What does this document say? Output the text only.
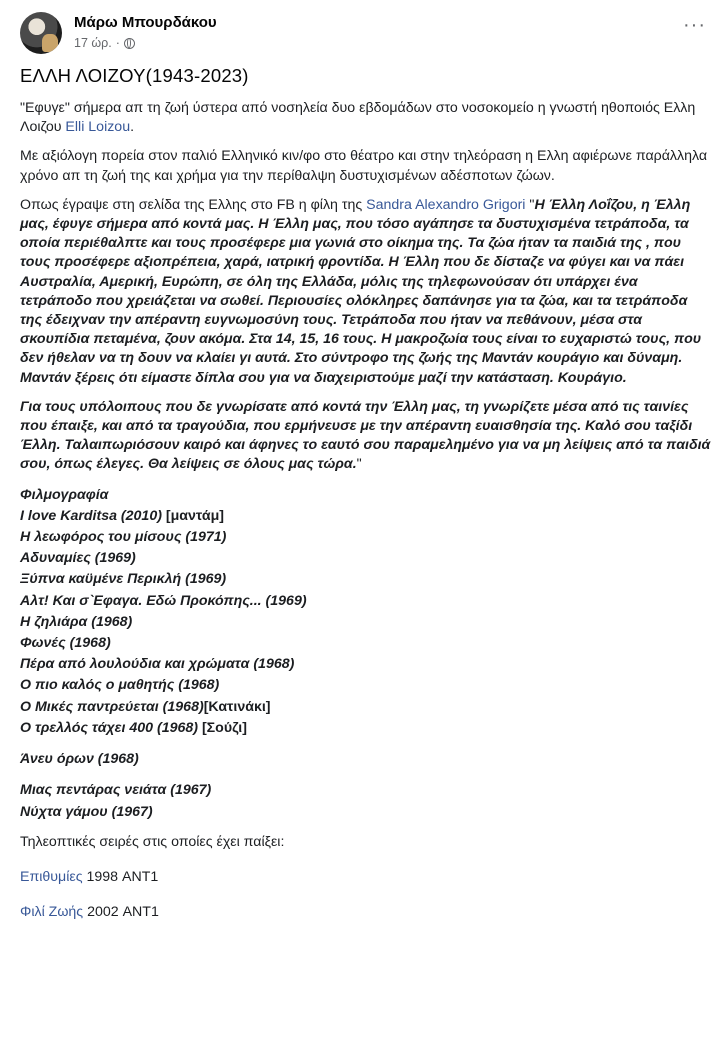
Μάρω Μπουρδάκου
17 ώρ. ·
···
ΕΛΛΗ ΛΟΙΖΟΥ(1943-2023)

"Εφυγε" σήμερα απ τη ζωή ύστερα από νοσηλεία δυο εβδομάδων στο νοσοκομείο η γνωστή ηθοποιός Ελλη Λοιζου Elli Loizou.

Με αξιόλογη πορεία στον παλιό Ελληνικό κιν/φο στο θέατρο και στην τηλεόραση η Ελλη αφιέρωνε παράλληλα χρόνο απ τη ζωή της και χρήμα για την περίθαλψη δυστυχισμένων αδέσποτων ζώων.

Οπως έγραψε στη σελίδα της Ελλης στο FB η φίλη της Sandra Alexandro Grigori "Η Έλλη Λοΐζου, η Έλλη μας, έφυγε σήμερα από κοντά μας. Η Έλλη μας, που τόσο αγάπησε τα δυστυχισμένα τετράποδα, τα οποία περιέθαλπτε και τους προσέφερε μια γωνιά στο οίκημα της. Τα ζώα ήταν τα παιδιά της , που τους προσέφερε αξιοπρέπεια, χαρά, ιατρική φροντίδα. Η Έλλη που δε δίσταζε να φύγει και να πάει Αυστραλία, Αμερική, Ευρώπη, σε όλη της Ελλάδα, μόλις της τηλεφωνούσαν ότι υπάρχει ένα τετράποδο που χρειάζεται να σωθεί. Περιουσίες ολόκληρες δαπάνησε για τα ζώα, και τα τετράποδα της έδειχναν την απέραντη ευγνωμοσύνη τους. Τετράποδα που ήταν να πεθάνουν, μέσα στα σκουπίδια πεταμένα, ζουν ακόμα. Στα 14, 15, 16 τους. Η μακροζωία τους είναι το ευχαριστώ τους, που δεν ήθελαν να τη δουν να κλαίει γι αυτά. Στο σύντροφο της ζωής της Μαντάν κουράγιο και δύναμη. Μαντάν ξέρεις ότι είμαστε δίπλα σου για να διαχειριστούμε μαζί την κατάσταση. Κουράγιο.

Για τους υπόλοιπους που δε γνωρίσατε από κοντά την Έλλη μας, τη γνωρίζετε μέσα από τις ταινίες που έπαιξε, και από τα τραγούδια, που ερμήνευσε με την απέραντη ευαισθησία της. Καλό σου ταξίδι Έλλη. Ταλαιπωριόσουν καιρό και άφηνες το εαυτό σου παραμελημένο για να μη λείψεις από τα παιδιά σου, όπως έλεγες. Θα λείψεις σε όλους μας τώρα."

Φιλμογραφία
I love Karditsa (2010) [μαντάμ]
Η λεωφόρος του μίσους (1971)
Αδυναμίες (1969)
Ξύπνα καϋμένε Περικλή (1969)
Αλτ! Και σ`Εφαγα. Εδώ Προκόπης... (1969)
Η ζηλιάρα (1968)
Φωνές (1968)
Πέρα από λουλούδια και χρώματα (1968)
Ο πιο καλός ο μαθητής (1968)
Ο Μικές παντρεύεται (1968)[Κατινάκι]
Ο τρελλός τάχει 400 (1968) [Σούζι]
Άνευ όρων (1968)
Μιας πεντάρας νειάτα (1967)
Νύχτα γάμου (1967)

Τηλεοπτικές σειρές στις οποίες έχει παίξει:

Επιθυμίες 1998 ANT1

Φιλί Ζωής 2002 ANT1
